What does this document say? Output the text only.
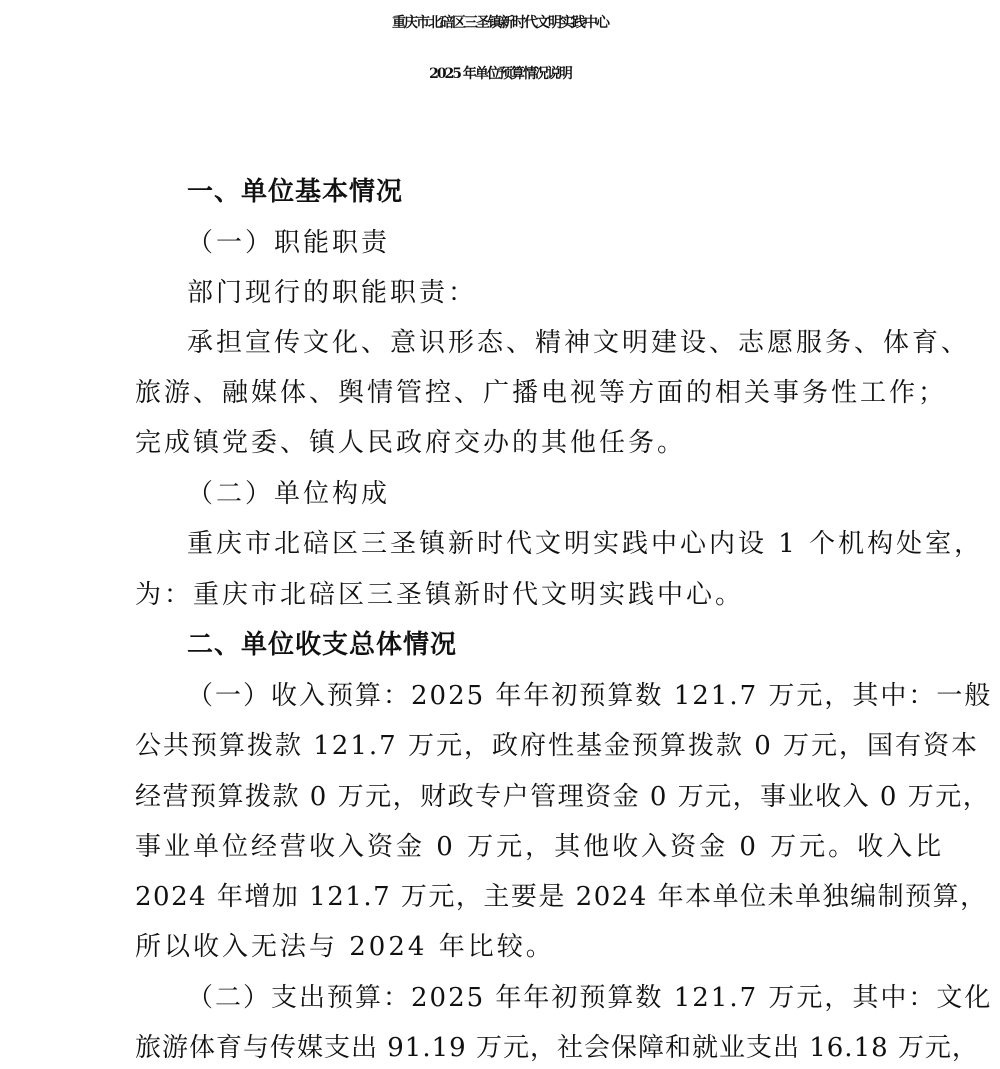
重庆市北碚区三圣镇新时代文明实践中心
2025 年单位预算情况说明
一、单位基本情况
（一）职能职责
部门现行的职能职责：
承担宣传文化、意识形态、精神文明建设、志愿服务、体育、
旅游、融媒体、舆情管控、广播电视等方面的相关事务性工作；
完成镇党委、镇人民政府交办的其他任务。
（二）单位构成
重庆市北碚区三圣镇新时代文明实践中心内设 1 个机构处室，
为：重庆市北碚区三圣镇新时代文明实践中心。
二、单位收支总体情况
（一）收入预算：2025 年年初预算数 121.7 万元，其中：一般
公共预算拨款 121.7 万元，政府性基金预算拨款 0 万元，国有资本
经营预算拨款 0 万元，财政专户管理资金 0 万元，事业收入 0 万元，
事业单位经营收入资金 0 万元，其他收入资金 0 万元。收入比
2024 年增加 121.7 万元，主要是 2024 年本单位未单独编制预算，
所以收入无法与 2024 年比较。
（二）支出预算：2025 年年初预算数 121.7 万元，其中：文化
旅游体育与传媒支出 91.19 万元，社会保障和就业支出 16.18 万元，
